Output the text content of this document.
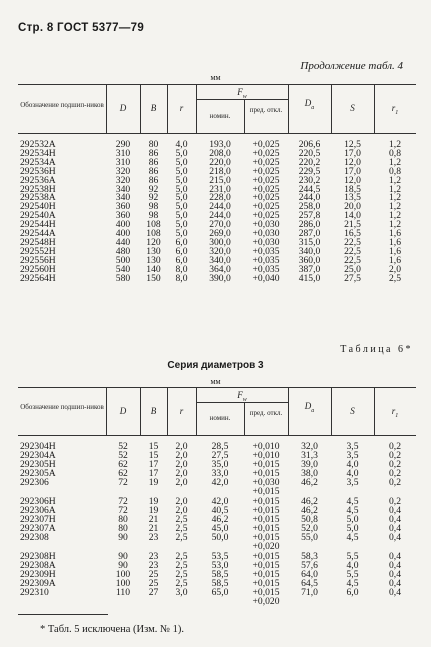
Стр. 8 ГОСТ 5377—79
Продолжение табл. 4
мм
Обозначение подшип-ников	D	B	r
$F_w$
номин.
пред. откл.
$D_a$	S	$r_1$
292532А	290	80	4,0	193,0	+0,025	206,6	12,5	1,2
292534Н	310	86	5,0	208,0	+0,025	220,5	17,0	0,8
292534А	310	86	5,0	220,0	+0,025	220,2	12,0	1,2
292536Н	320	86	5,0	218,0	+0,025	229,5	17,0	0,8
292536А	320	86	5,0	215,0	+0,025	230,2	12,0	1,2
292538Н	340	92	5,0	231,0	+0,025	244,5	18,5	1,2
292538А	340	92	5,0	228,0	+0,025	244,0	13,5	1,2
292540Н	360	98	5,0	244,0	+0,025	258,0	20,0	1,2
292540А	360	98	5,0	244,0	+0,025	257,8	14,0	1,2
292544Н	400	108	5,0	270,0	+0,030	286,0	21,5	1,2
292544А	400	108	5,0	269,0	+0,030	287,0	16,5	1,6
292548Н	440	120	6,0	300,0	+0,030	315,0	22,5	1,6
292552Н	480	130	6,0	320,0	+0,035	340,0	22,5	1,6
292556Н	500	130	6,0	340,0	+0,035	360,0	22,5	1,6
292560Н	540	140	8,0	364,0	+0,035	387,0	25,0	2,0
292564Н	580	150	8,0	390,0	+0,040	415,0	27,5	2,5
Таблица 6*
Серия диаметров 3
мм
Обозначение подшип-ников	D	B	r
$F_w$
номин.
пред. откл.
$D_a$	S	$r_1$
292304Н	52	15	2,0	28,5	+0,010	32,0	3,5	0,2
292304А	52	15	2,0	27,5	+0,010	31,3	3,5	0,2
292305Н	62	17	2,0	35,0	+0,015	39,0	4,0	0,2
292305А	62	17	2,0	33,0	+0,015	38,0	4,0	0,2
292306	72	19	2,0	42,0	+0,030	46,2	3,5	0,2
					+0,015			
292306Н	72	19	2,0	42,0	+0,015	46,2	4,5	0,2
292306А	72	19	2,0	40,5	+0,015	46,2	4,5	0,4
292307Н	80	21	2,5	46,2	+0,015	50,8	5,0	0,4
292307А	80	21	2,5	45,0	+0,015	52,0	5,0	0,4
292308	90	23	2,5	50,0	+0,015	55,0	4,5	0,4
					+0,020			
292308Н	90	23	2,5	53,5	+0,015	58,3	5,5	0,4
292308А	90	23	2,5	53,0	+0,015	57,6	4,0	0,4
292309Н	100	25	2,5	58,5	+0,015	64,0	5,5	0,4
292309А	100	25	2,5	58,5	+0,015	64,5	4,5	0,4
292310	110	27	3,0	65,0	+0,015	71,0	6,0	0,4
					+0,020			
* Табл. 5 исключена (Изм. № 1).
